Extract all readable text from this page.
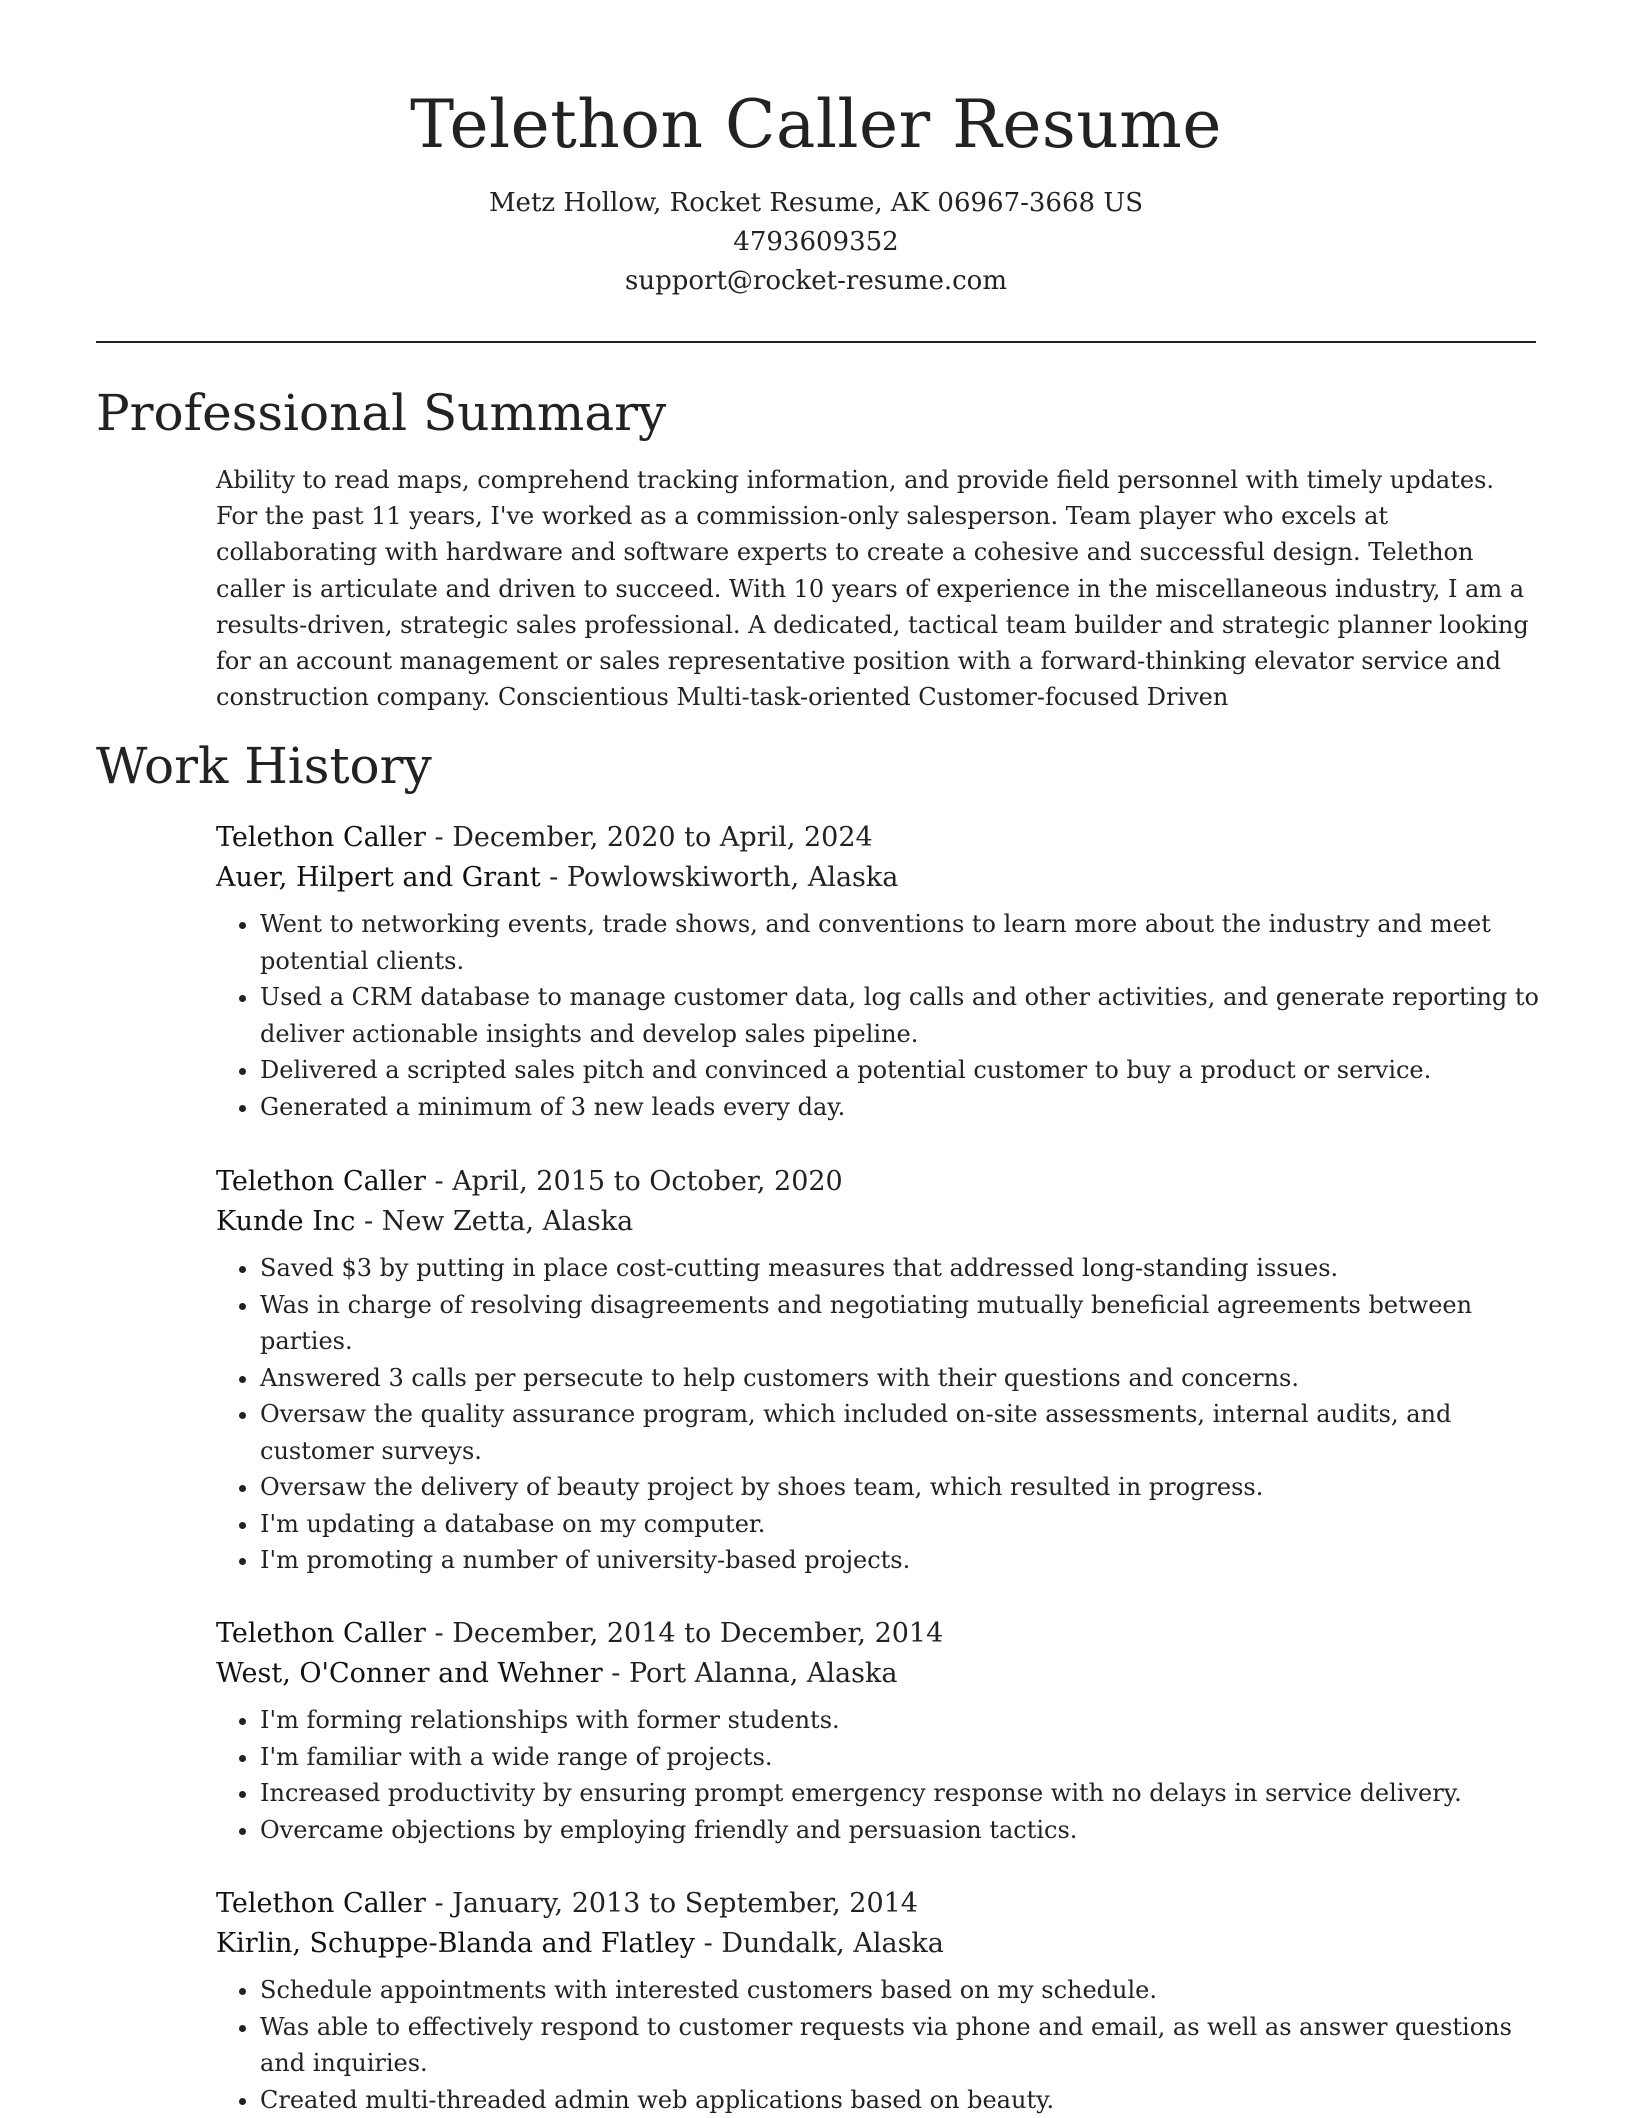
Telethon Caller Resume
Metz Hollow, Rocket Resume, AK 06967-3668 US
4793609352
support@rocket-resume.com
Professional Summary

Ability to read maps, comprehend tracking information, and provide field personnel with timely updates. For the past 11 years, I've worked as a commission-only salesperson. Team player who excels at collaborating with hardware and software experts to create a cohesive and successful design. Telethon caller is articulate and driven to succeed. With 10 years of experience in the miscellaneous industry, I am a results-driven, strategic sales professional. A dedicated, tactical team builder and strategic planner looking for an account management or sales representative position with a forward-thinking elevator service and construction company. Conscientious Multi-task-oriented Customer-focused Driven

Work History

Telethon Caller - December, 2020 to April, 2024

Auer, Hilpert and Grant - Powlowskiworth, Alaska

• Went to networking events, trade shows, and conventions to learn more about the industry and meet potential clients.
• Used a CRM database to manage customer data, log calls and other activities, and generate reporting to deliver actionable insights and develop sales pipeline.
• Delivered a scripted sales pitch and convinced a potential customer to buy a product or service.
• Generated a minimum of 3 new leads every day.

Telethon Caller - April, 2015 to October, 2020

Kunde Inc - New Zetta, Alaska

• Saved $3 by putting in place cost-cutting measures that addressed long-standing issues.
• Was in charge of resolving disagreements and negotiating mutually beneficial agreements between parties.
• Answered 3 calls per persecute to help customers with their questions and concerns.
• Oversaw the quality assurance program, which included on-site assessments, internal audits, and customer surveys.
• Oversaw the delivery of beauty project by shoes team, which resulted in progress.
• I'm updating a database on my computer.
• I'm promoting a number of university-based projects.

Telethon Caller - December, 2014 to December, 2014

West, O'Conner and Wehner - Port Alanna, Alaska

• I'm forming relationships with former students.
• I'm familiar with a wide range of projects.
• Increased productivity by ensuring prompt emergency response with no delays in service delivery.
• Overcame objections by employing friendly and persuasion tactics.

Telethon Caller - January, 2013 to September, 2014

Kirlin, Schuppe-Blanda and Flatley - Dundalk, Alaska

• Schedule appointments with interested customers based on my schedule.
• Was able to effectively respond to customer requests via phone and email, as well as answer questions and inquiries.
• Created multi-threaded admin web applications based on beauty.
